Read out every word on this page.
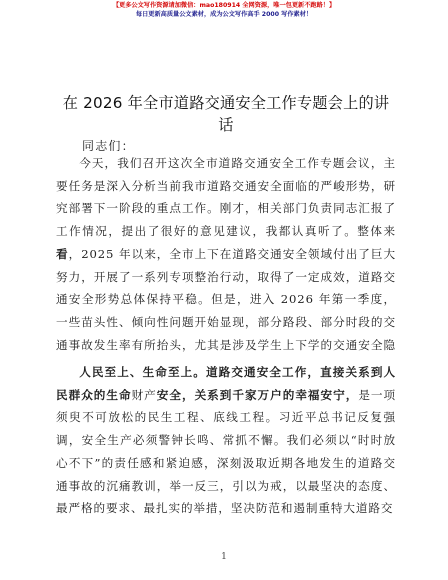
【更多公文写作资源请加微信：mao180914 全网资源，唯一包更新不跑路！】
每日更新高质量公文素材，成为公文写作高手 2000 写作素材！
在 2026 年全市道路交通安全工作专题会上的讲话
同志们：
今天，我们召开这次全市道路交通安全工作专题会议，主要任务是深入分析当前我市道路交通安全面临的严峻形势，研究部署下一阶段的重点工作。刚才，相关部门负责同志汇报了工作情况，提出了很好的意见建议，我都认真听了。整体来看，2025 年以来，全市上下在道路交通安全领域付出了巨大努力，开展了一系列专项整治行动，取得了一定成效，道路交通安全形势总体保持平稳。但是，进入 2026 年第一季度，一些苗头性、倾向性问题开始显现，部分路段、部分时段的交通事故发生率有所抬头，尤其是涉及学生上下学的交通安全隐
人民至上、生命至上。道路交通安全工作，直接关系到人民群众的生命财产安全，关系到千家万户的幸福安宁，是一项须臾不可放松的民生工程、底线工程。习近平总书记反复强调，安全生产必须警钟长鸣、常抓不懈。我们必须以“时时放心不下”的责任感和紧迫感，深刻汲取近期各地发生的道路交通事故的沉痛教训，举一反三，引以为戒，以最坚决的态度、最严格的要求、最扎实的举措，坚决防范和遏制重特大道路交
1
